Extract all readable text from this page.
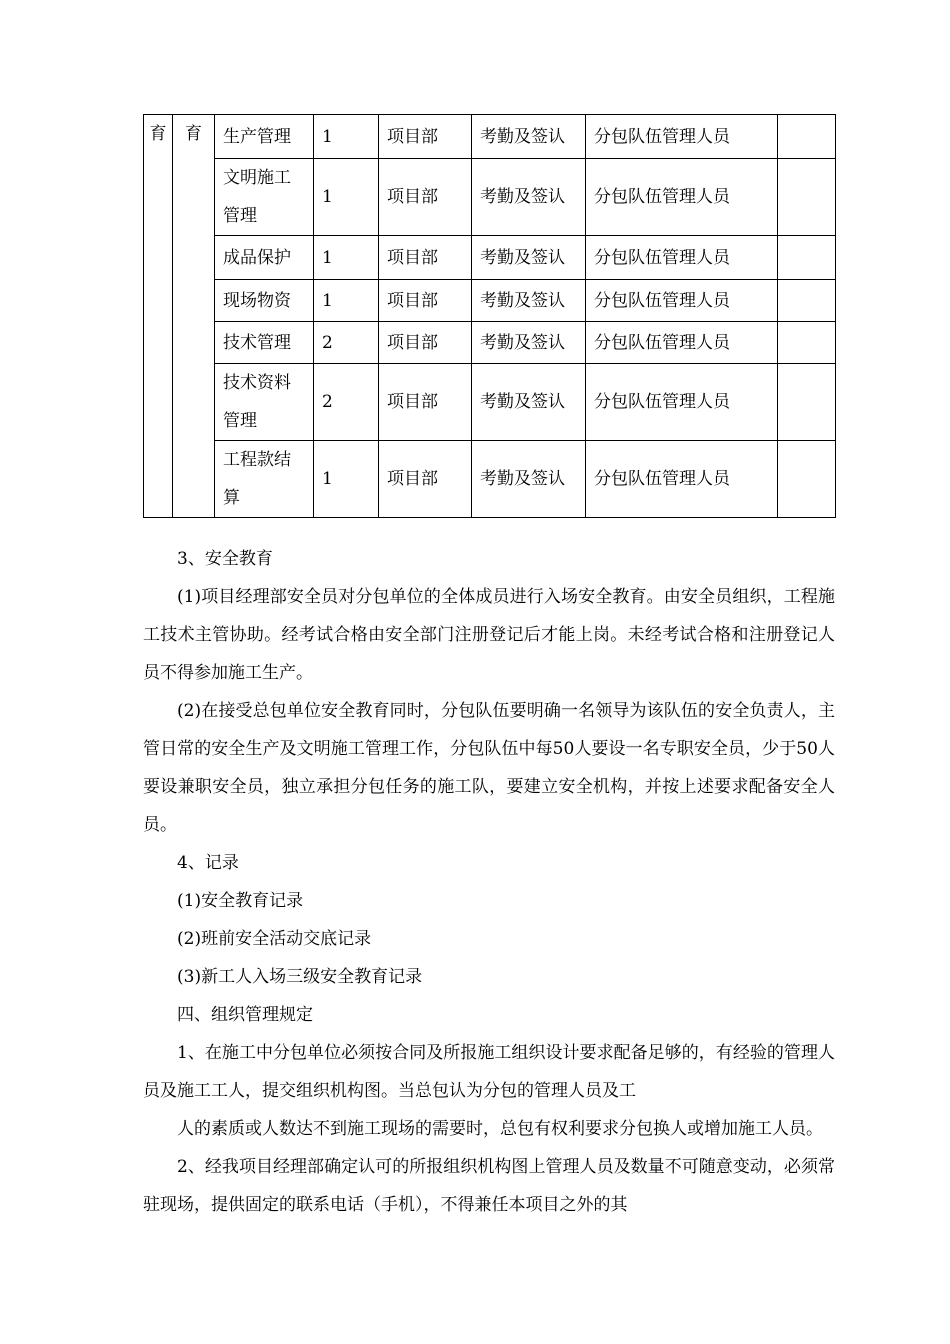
育	育	生产管理	1	项目部	考勤及签认	分包队伍管理人员	
		文明施工管理	1	项目部	考勤及签认	分包队伍管理人员	
		成品保护	1	项目部	考勤及签认	分包队伍管理人员	
		现场物资	1	项目部	考勤及签认	分包队伍管理人员	
		技术管理	2	项目部	考勤及签认	分包队伍管理人员	
		技术资料管理	2	项目部	考勤及签认	分包队伍管理人员	
		工程款结算	1	项目部	考勤及签认	分包队伍管理人员	

3、安全教育

(1)项目经理部安全员对分包单位的全体成员进行入场安全教育。由安全员组织，工程施工技术主管协助。经考试合格由安全部门注册登记后才能上岗。未经考试合格和注册登记人员不得参加施工生产。

(2)在接受总包单位安全教育同时，分包队伍要明确一名领导为该队伍的安全负责人，主管日常的安全生产及文明施工管理工作，分包队伍中每50人要设一名专职安全员，少于50人要设兼职安全员，独立承担分包任务的施工队，要建立安全机构，并按上述要求配备安全人员。

4、记录

(1)安全教育记录

(2)班前安全活动交底记录

(3)新工人入场三级安全教育记录

四、组织管理规定

1、在施工中分包单位必须按合同及所报施工组织设计要求配备足够的，有经验的管理人员及施工工人，提交组织机构图。当总包认为分包的管理人员及工

人的素质或人数达不到施工现场的需要时，总包有权利要求分包换人或增加施工人员。

2、经我项目经理部确定认可的所报组织机构图上管理人员及数量不可随意变动，必须常驻现场，提供固定的联系电话（手机），不得兼任本项目之外的其
